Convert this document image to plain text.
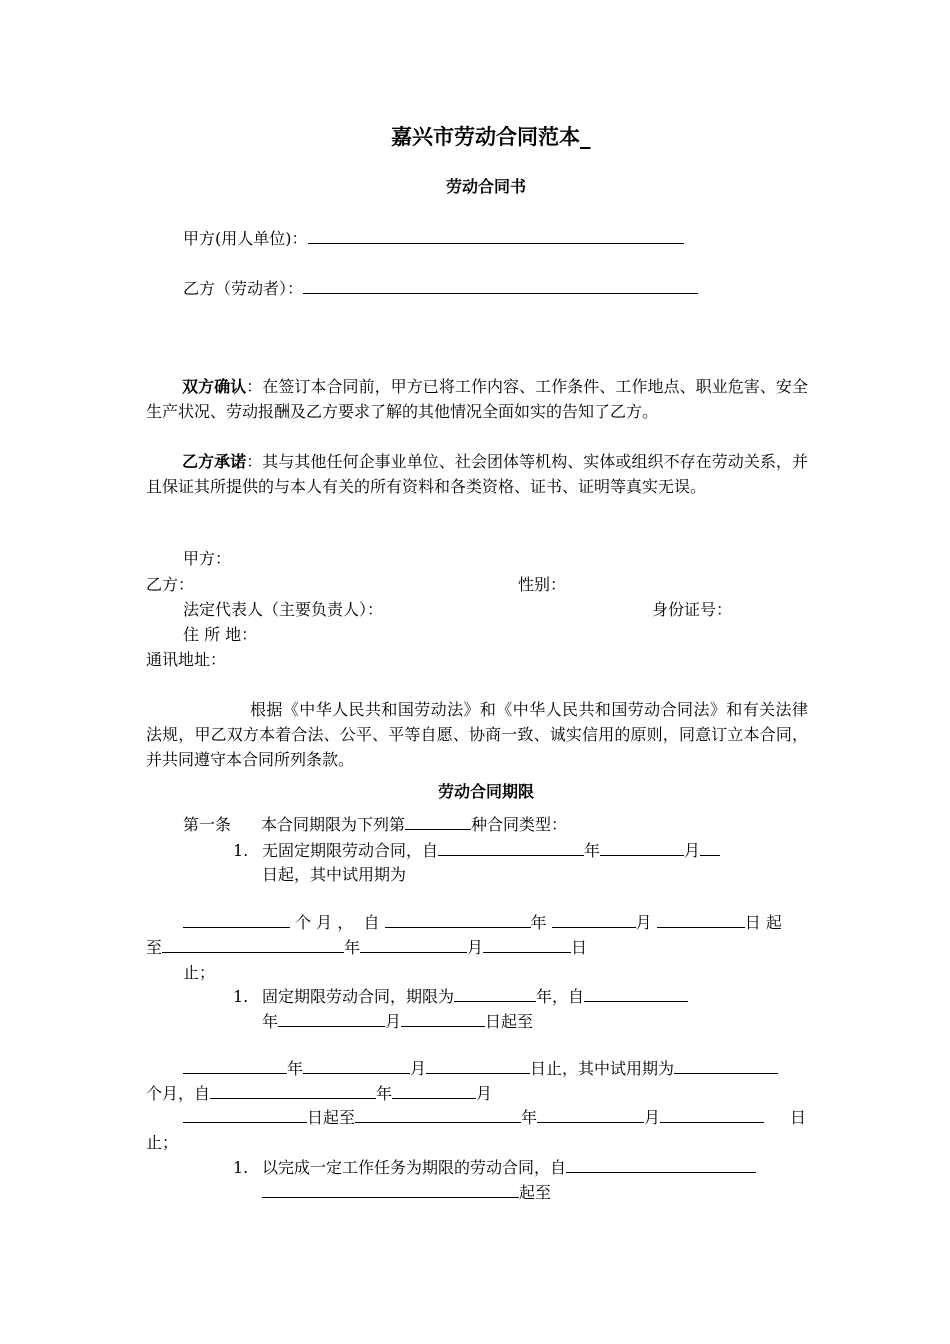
嘉兴市劳动合同范本_
劳动合同书
甲方(用人单位)：
乙方（劳动者）：
双方确认：在签订本合同前，甲方已将工作内容、工作条件、工作地点、职业危害、安全生产状况、劳动报酬及乙方要求了解的其他情况全面如实的告知了乙方。
乙方承诺：其与其他任何企事业单位、社会团体等机构、实体或组织不存在劳动关系，并且保证其所提供的与本人有关的所有资料和各类资格、证书、证明等真实无误。
甲方：
乙方：	性别：
法定代表人（主要负责人）：	身份证号：
住 所 地：
通讯地址：
根据《中华人民共和国劳动法》和《中华人民共和国劳动合同法》和有关法律法规，甲乙双方本着合法、公平、平等自愿、协商一致、诚实信用的原则，同意订立本合同，并共同遵守本合同所列条款。
劳动合同期限
第一条 本合同期限为下列第	种合同类型：
1. 无固定期限劳动合同，自	年	月
日起，其中试用期为
个 月 ， 自	年	月	日 起
至	年	月	日
止；
1. 固定期限劳动合同，期限为	年，自
年	月	日起至
年	月	日止，其中试用期为
个月，自	年	月
日起至	年	月	日
止；
1. 以完成一定工作任务为期限的劳动合同，自
起至
